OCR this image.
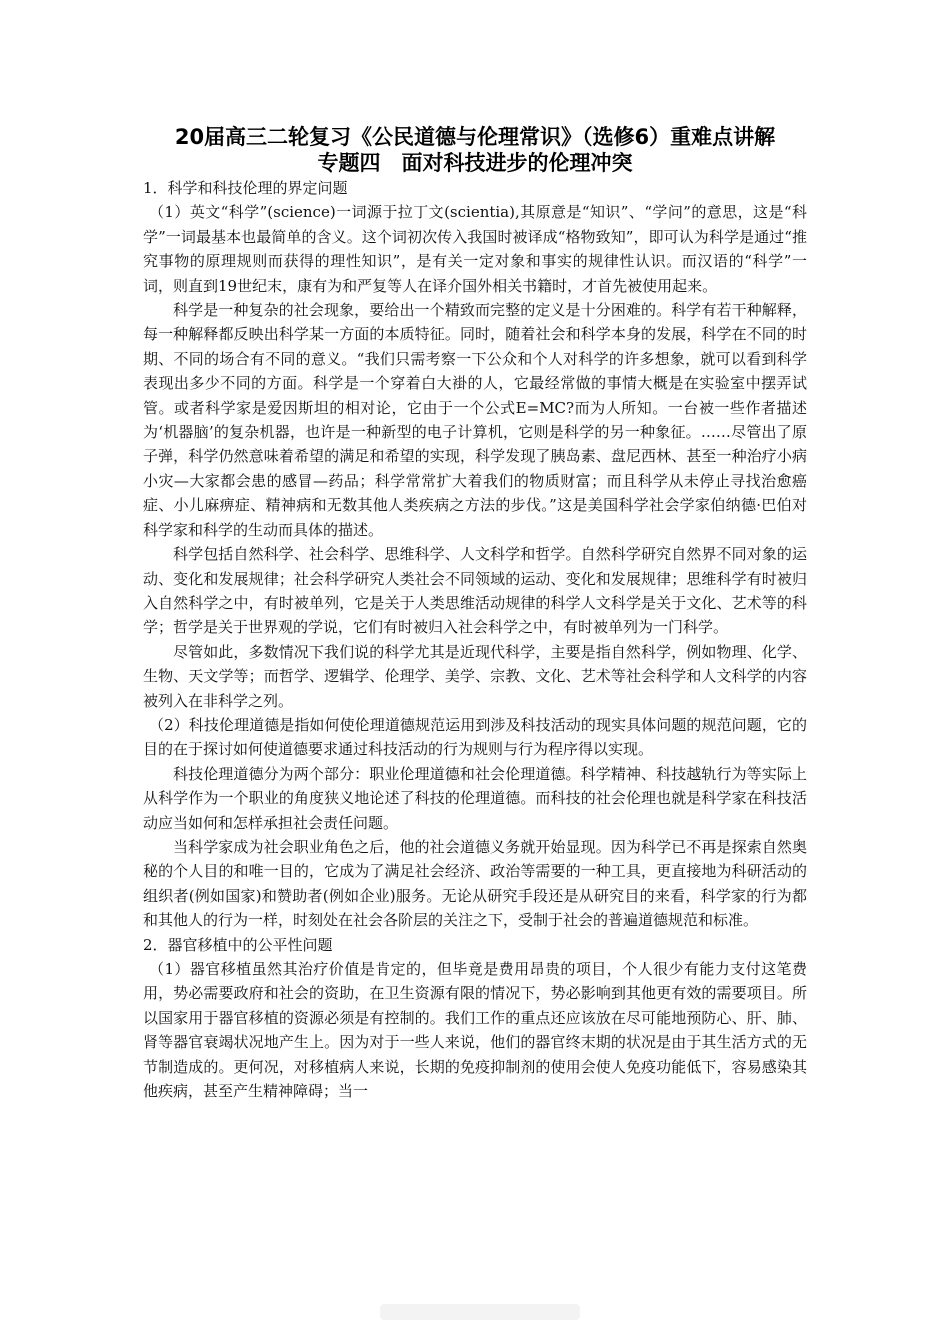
20届高三二轮复习《公民道德与伦理常识》（选修6）重难点讲解
专题四　面对科技进步的伦理冲突

1．科学和科技伦理的界定问题

（1）英文“科学”(science)一词源于拉丁文(scientia),其原意是“知识”、“学问”的意思，这是“科学”一词最基本也最简单的含义。这个词初次传入我国时被译成“格物致知”，即可认为科学是通过“推究事物的原理规则而获得的理性知识”，是有关一定对象和事实的规律性认识。而汉语的“科学”一词，则直到19世纪末，康有为和严复等人在译介国外相关书籍时，才首先被使用起来。

科学是一种复杂的社会现象，要给出一个精致而完整的定义是十分困难的。科学有若干种解释，每一种解释都反映出科学某一方面的本质特征。同时，随着社会和科学本身的发展，科学在不同的时期、不同的场合有不同的意义。“我们只需考察一下公众和个人对科学的许多想象，就可以看到科学表现出多少不同的方面。科学是一个穿着白大褂的人，它最经常做的事情大概是在实验室中摆弄试管。或者科学家是爱因斯坦的相对论，它由于一个公式E=MC?而为人所知。一台被一些作者描述为‘机器脑’的复杂机器，也许是一种新型的电子计算机，它则是科学的另一种象征。……尽管出了原子弹，科学仍然意味着希望的满足和希望的实现，科学发现了胰岛素、盘尼西林、甚至一种治疗小病小灾—大家都会患的感冒—药品；科学常常扩大着我们的物质财富；而且科学从未停止寻找治愈癌症、小儿麻痹症、精神病和无数其他人类疾病之方法的步伐。”这是美国科学社会学家伯纳德·巴伯对科学家和科学的生动而具体的描述。

科学包括自然科学、社会科学、思维科学、人文科学和哲学。自然科学研究自然界不同对象的运动、变化和发展规律；社会科学研究人类社会不同领域的运动、变化和发展规律；思维科学有时被归入自然科学之中，有时被单列，它是关于人类思维活动规律的科学人文科学是关于文化、艺术等的科学；哲学是关于世界观的学说，它们有时被归入社会科学之中，有时被单列为一门科学。

尽管如此，多数情况下我们说的科学尤其是近现代科学，主要是指自然科学，例如物理、化学、生物、天文学等；而哲学、逻辑学、伦理学、美学、宗教、文化、艺术等社会科学和人文科学的内容被列入在非科学之列。

（2）科技伦理道德是指如何使伦理道德规范运用到涉及科技活动的现实具体问题的规范问题，它的目的在于探讨如何使道德要求通过科技活动的行为规则与行为程序得以实现。

科技伦理道德分为两个部分：职业伦理道德和社会伦理道德。科学精神、科技越轨行为等实际上从科学作为一个职业的角度狭义地论述了科技的伦理道德。而科技的社会伦理也就是科学家在科技活动应当如何和怎样承担社会责任问题。

当科学家成为社会职业角色之后，他的社会道德义务就开始显现。因为科学已不再是探索自然奥秘的个人目的和唯一目的，它成为了满足社会经济、政治等需要的一种工具，更直接地为科研活动的组织者(例如国家)和赞助者(例如企业)服务。无论从研究手段还是从研究目的来看，科学家的行为都和其他人的行为一样，时刻处在社会各阶层的关注之下，受制于社会的普遍道德规范和标准。

2．器官移植中的公平性问题

（1）器官移植虽然其治疗价值是肯定的，但毕竟是费用昂贵的项目，个人很少有能力支付这笔费用，势必需要政府和社会的资助，在卫生资源有限的情况下，势必影响到其他更有效的需要项目。所以国家用于器官移植的资源必须是有控制的。我们工作的重点还应该放在尽可能地预防心、肝、肺、肾等器官衰竭状况地产生上。因为对于一些人来说，他们的器官终末期的状况是由于其生活方式的无节制造成的。更何况，对移植病人来说，长期的免疫抑制剂的使用会使人免疫功能低下，容易感染其他疾病，甚至产生精神障碍；当一
